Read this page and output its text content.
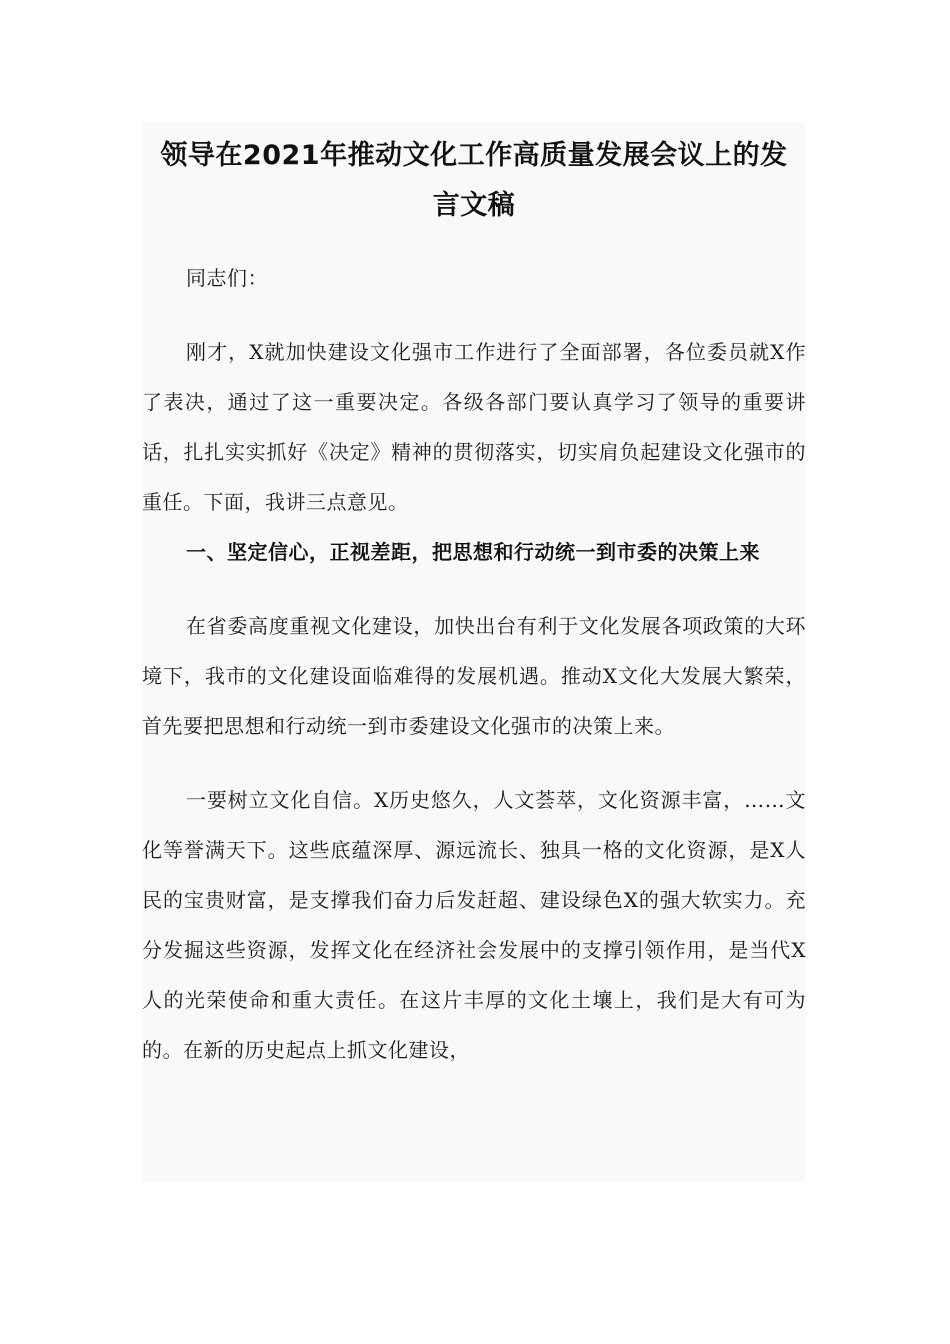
领导在2021年推动文化工作高质量发展会议上的发
言文稿

同志们：

刚才，X就加快建设文化强市工作进行了全面部署，各位委员就X作了表决，通过了这一重要决定。各级各部门要认真学习了领导的重要讲话，扎扎实实抓好《决定》精神的贯彻落实，切实肩负起建设文化强市的重任。下面，我讲三点意见。

一、坚定信心，正视差距，把思想和行动统一到市委的决策上来

在省委高度重视文化建设，加快出台有利于文化发展各项政策的大环境下，我市的文化建设面临难得的发展机遇。推动X文化大发展大繁荣，首先要把思想和行动统一到市委建设文化强市的决策上来。

一要树立文化自信。X历史悠久，人文荟萃，文化资源丰富，……文化等誉满天下。这些底蕴深厚、源远流长、独具一格的文化资源，是X人民的宝贵财富，是支撑我们奋力后发赶超、建设绿色X的强大软实力。充分发掘这些资源，发挥文化在经济社会发展中的支撑引领作用，是当代X人的光荣使命和重大责任。在这片丰厚的文化土壤上，我们是大有可为的。在新的历史起点上抓文化建设，
